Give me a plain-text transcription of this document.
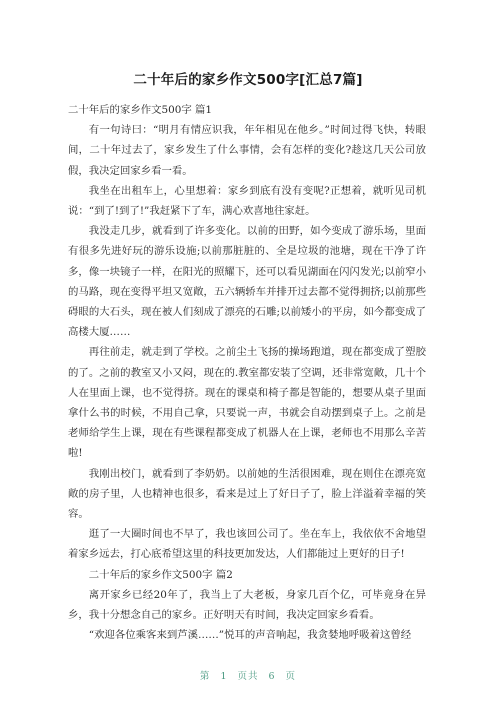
二十年后的家乡作文500字[汇总7篇]

二十年后的家乡作文500字 篇1

有一句诗曰：“明月有情应识我，年年相见在他乡。”时间过得飞快，转眼间，二十年过去了，家乡发生了什么事情，会有怎样的变化?趁这几天公司放假，我决定回家乡看一看。

我坐在出租车上，心里想着：家乡到底有没有变呢?正想着，就听见司机说：“到了!到了!”我赶紧下了车，满心欢喜地往家赶。

我没走几步，就看到了许多变化。以前的田野，如今变成了游乐场，里面有很多先进好玩的游乐设施;以前那脏脏的、全是垃圾的池塘，现在干净了许多，像一块镜子一样，在阳光的照耀下，还可以看见湖面在闪闪发光;以前窄小的马路，现在变得平坦又宽敞，五六辆轿车并排开过去都不觉得拥挤;以前那些碍眼的大石头，现在被人们刻成了漂亮的石雕;以前矮小的平房，如今都变成了高楼大厦……

再往前走，就走到了学校。之前尘土飞扬的操场跑道，现在都变成了塑胶的了。之前的教室又小又闷，现在的.教室都安装了空调，还非常宽敞，几十个人在里面上课，也不觉得挤。现在的课桌和椅子都是智能的，想要从桌子里面拿什么书的时候，不用自己拿，只要说一声，书就会自动摆到桌子上。之前是老师给学生上课，现在有些课程都变成了机器人在上课，老师也不用那么辛苦啦!

我刚出校门，就看到了李奶奶。以前她的生活很困难，现在则住在漂亮宽敞的房子里，人也精神也很多，看来是过上了好日子了，脸上洋溢着幸福的笑容。

逛了一大圈时间也不早了，我也该回公司了。坐在车上，我依依不舍地望着家乡远去，打心底希望这里的科技更加发达，人们都能过上更好的日子!

二十年后的家乡作文500字 篇2

离开家乡已经20年了，我当上了大老板，身家几百个亿，可毕竟身在异乡，我十分想念自己的家乡。正好明天有时间，我决定回家乡看看。

“欢迎各位乘客来到芦溪……”悦耳的声音响起，我贪婪地呼吸着这曾经

第 1 页共 6 页
